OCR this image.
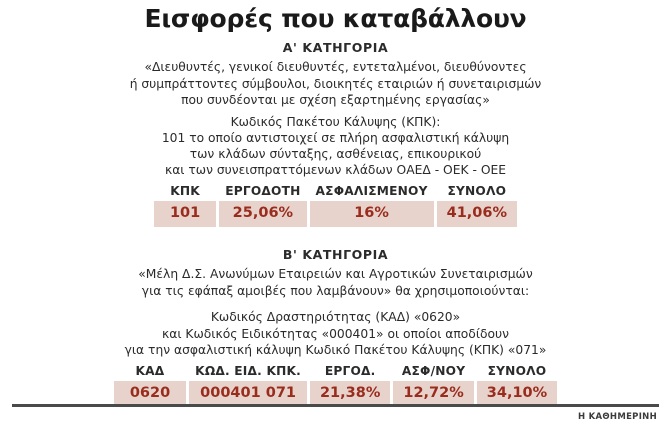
Εισφορές που καταβάλλουν
Α' ΚΑΤΗΓΟΡΙΑ
«Διευθυντές, γενικοί διευθυντές, εντεταλμένοι, διευθύνοντες
ή συμπράττοντες σύμβουλοι, διοικητές εταιριών ή συνεταιρισμών
που συνδέονται με σχέση εξαρτημένης εργασίας»
Κωδικός Πακέτου Κάλυψης (ΚΠΚ):
101 το οποίο αντιστοιχεί σε πλήρη ασφαλιστική κάλυψη
των κλάδων σύνταξης, ασθένειας, επικουρικού
και των συνεισπραττόμενων κλάδων ΟΑΕΔ - ΟΕΚ - ΟΕΕ
ΚΠΚ
101
ΕΡΓΟΔΟΤΗ
25,06%
ΑΣΦΑΛΙΣΜΕΝΟΥ
16%
ΣΥΝΟΛΟ
41,06%
Β' ΚΑΤΗΓΟΡΙΑ
«Μέλη Δ.Σ. Ανωνύμων Εταιρειών και Αγροτικών Συνεταιρισμών
για τις εφάπαξ αμοιβές που λαμβάνουν» θα χρησιμοποιούνται:
Κωδικός Δραστηριότητας (ΚΑΔ) «0620»
και Κωδικός Ειδικότητας «000401» οι οποίοι αποδίδουν
για την ασφαλιστική κάλυψη Κωδικό Πακέτου Κάλυψης (ΚΠΚ) «071»
ΚΑΔ
0620
ΚΩΔ. ΕΙΔ. ΚΠΚ.
000401 071
ΕΡΓΟΔ.
21,38%
ΑΣΦ/ΝΟΥ
12,72%
ΣΥΝΟΛΟ
34,10%
Η ΚΑΘΗΜΕΡΙΝΗ
